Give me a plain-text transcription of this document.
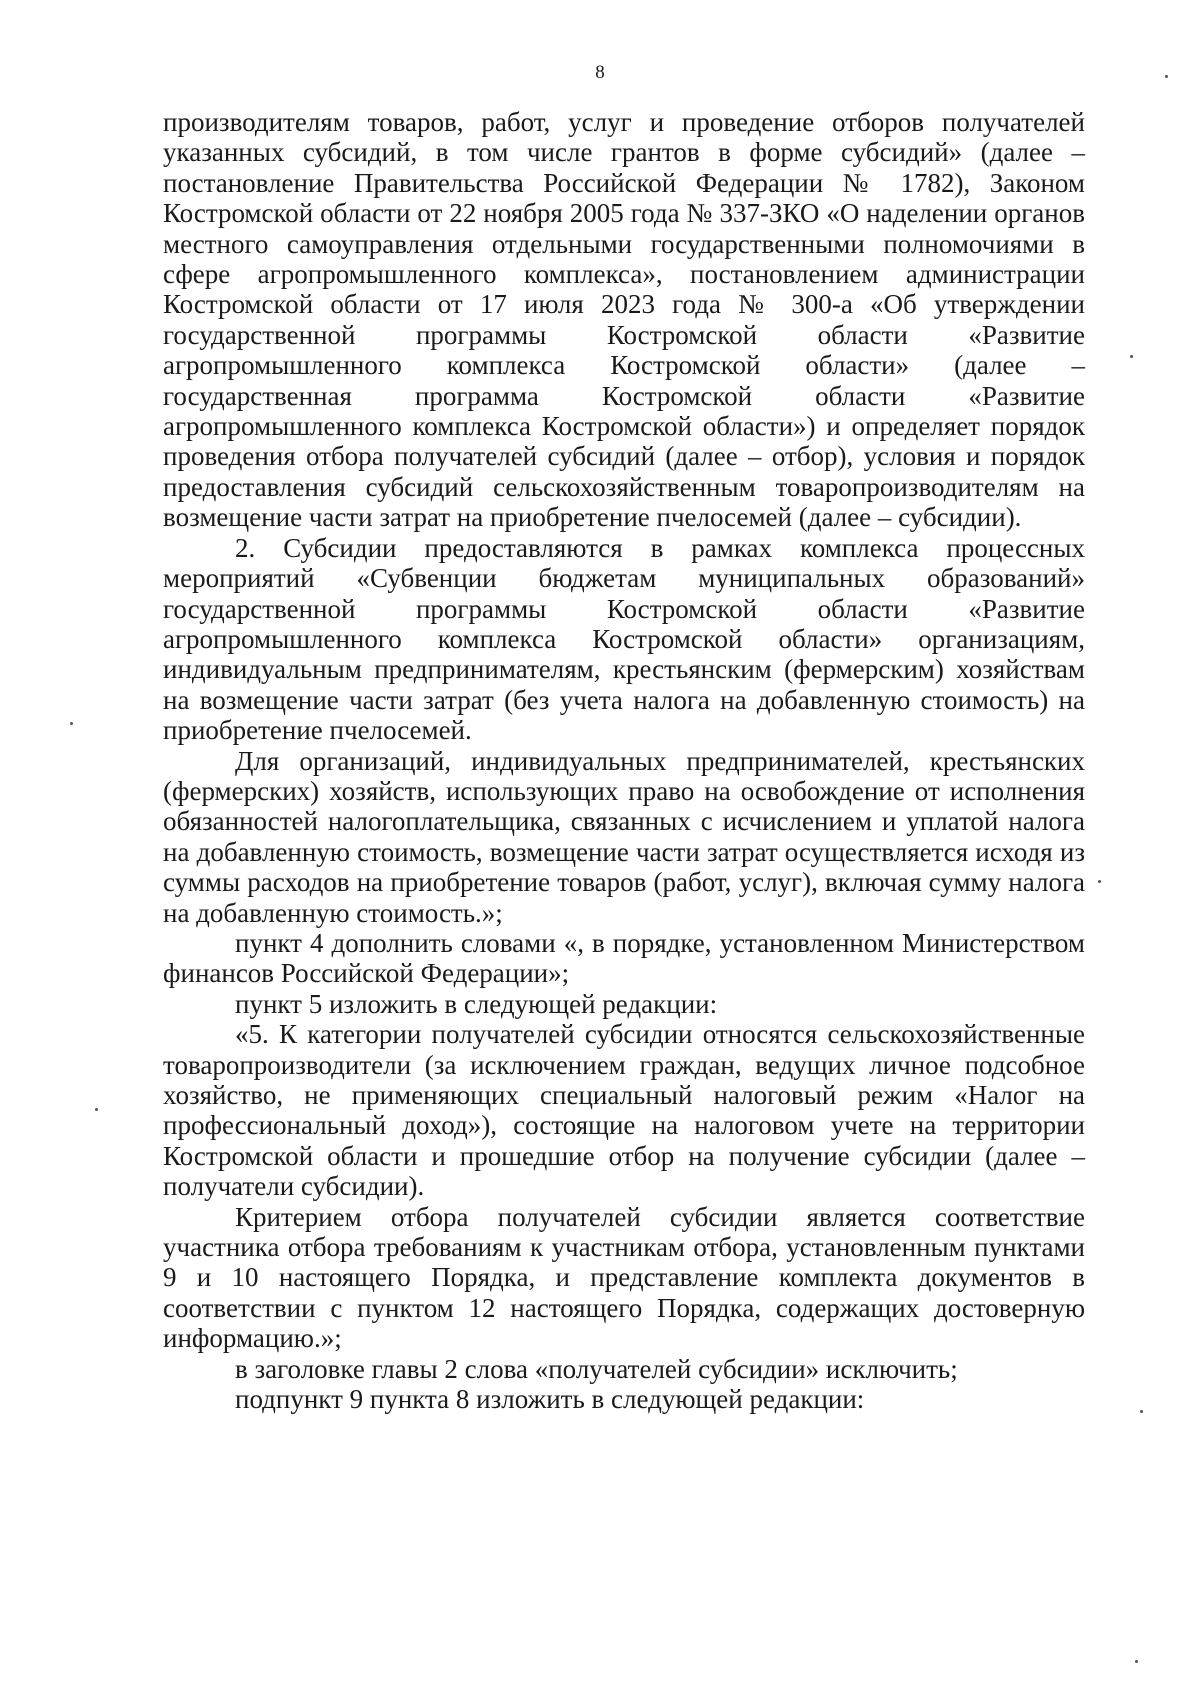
8

производителям товаров, работ, услуг и проведение отборов получателей указанных субсидий, в том числе грантов в форме субсидий» (далее – постановление Правительства Российской Федерации № 1782), Законом Костромской области от 22 ноября 2005 года № 337-ЗКО «О наделении органов местного самоуправления отдельными государственными полномочиями в сфере агропромышленного комплекса», постановлением администрации Костромской области от 17 июля 2023 года № 300-а «Об утверждении государственной программы Костромской области «Развитие агропромышленного комплекса Костромской области» (далее – государственная программа Костромской области «Развитие агропромышленного комплекса Костромской области») и определяет порядок проведения отбора получателей субсидий (далее – отбор), условия и порядок предоставления субсидий сельскохозяйственным товаропроизводителям на возмещение части затрат на приобретение пчелосемей (далее – субсидии).

2. Субсидии предоставляются в рамках комплекса процессных мероприятий «Субвенции бюджетам муниципальных образований» государственной программы Костромской области «Развитие агропромышленного комплекса Костромской области» организациям, индивидуальным предпринимателям, крестьянским (фермерским) хозяйствам на возмещение части затрат (без учета налога на добавленную стоимость) на приобретение пчелосемей.

Для организаций, индивидуальных предпринимателей, крестьянских (фермерских) хозяйств, использующих право на освобождение от исполнения обязанностей налогоплательщика, связанных с исчислением и уплатой налога на добавленную стоимость, возмещение части затрат осуществляется исходя из суммы расходов на приобретение товаров (работ, услуг), включая сумму налога на добавленную стоимость.»;

пункт 4 дополнить словами «, в порядке, установленном Министерством финансов Российской Федерации»;

пункт 5 изложить в следующей редакции:

«5. К категории получателей субсидии относятся сельскохозяйственные товаропроизводители (за исключением граждан, ведущих личное подсобное хозяйство, не применяющих специальный налоговый режим «Налог на профессиональный доход»), состоящие на налоговом учете на территории Костромской области и прошедшие отбор на получение субсидии (далее – получатели субсидии).

Критерием отбора получателей субсидии является соответствие участника отбора требованиям к участникам отбора, установленным пунктами 9 и 10 настоящего Порядка, и представление комплекта документов в соответствии с пунктом 12 настоящего Порядка, содержащих достоверную информацию.»;

в заголовке главы 2 слова «получателей субсидии» исключить;

подпункт 9 пункта 8 изложить в следующей редакции:
